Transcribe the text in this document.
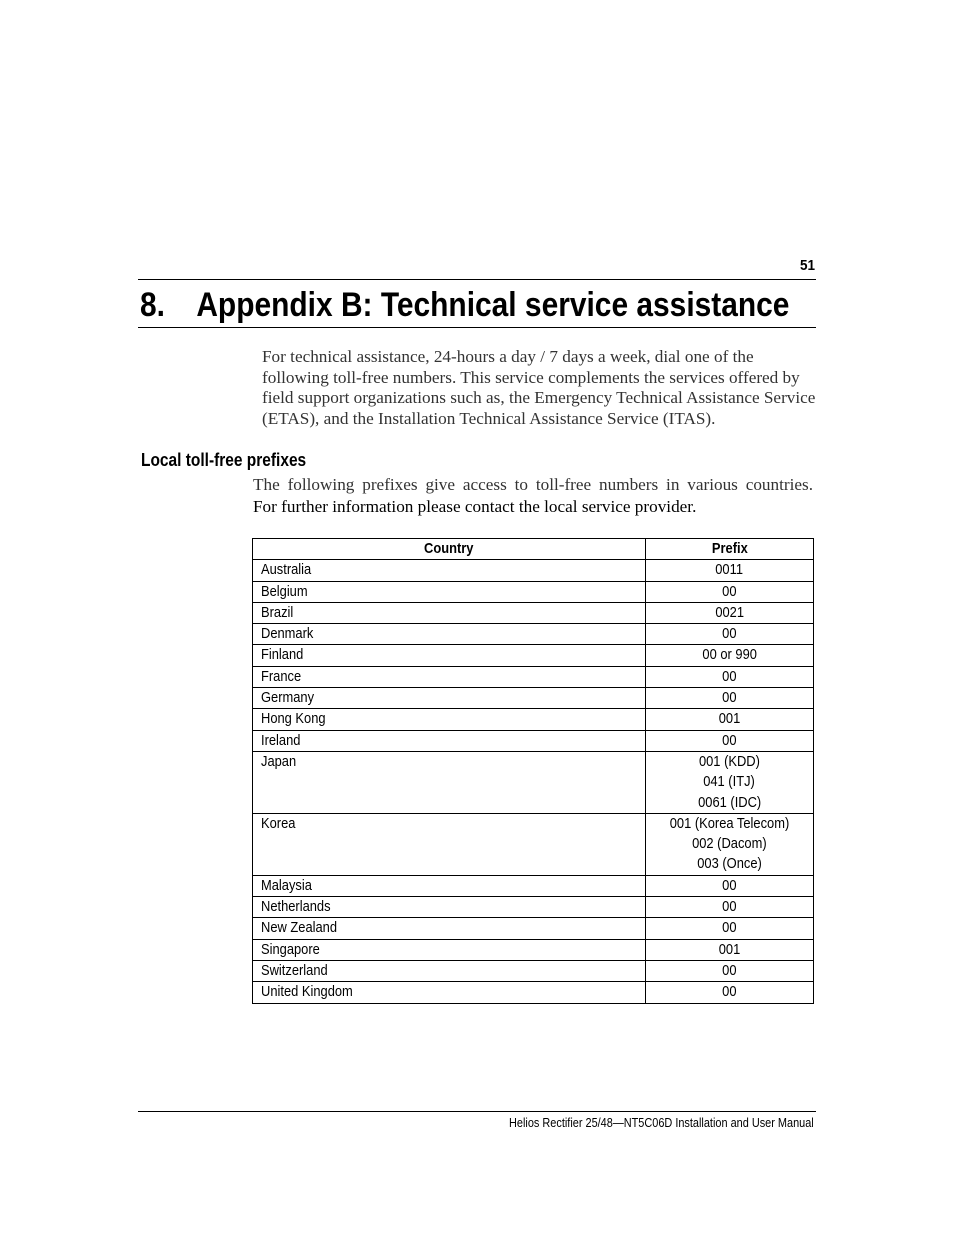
51
8. Appendix B: Technical service assistance

For technical assistance, 24-hours a day / 7 days a week, dial one of the following toll-free numbers. This service complements the services offered by field support organizations such as, the Emergency Technical Assistance Service (ETAS), and the Installation Technical Assistance Service (ITAS).

Local toll-free prefixes

The following prefixes give access to toll-free numbers in various countries.
For further information please contact the local service provider.

Country	Prefix
Australia	0011

Belgium	00

Brazil	0021

Denmark	00

Finland	00 or 990

France	00

Germany	00

Hong Kong	001

Ireland	00

Japan	001 (KDD)
041 (ITJ)
0061 (IDC)

Korea	001 (Korea Telecom)
002 (Dacom)
003 (Once)

Malaysia	00

Netherlands	00

New Zealand	00

Singapore	001

Switzerland	00

United Kingdom	00
Helios Rectifier 25/48—NT5C06D Installation and User Manual
